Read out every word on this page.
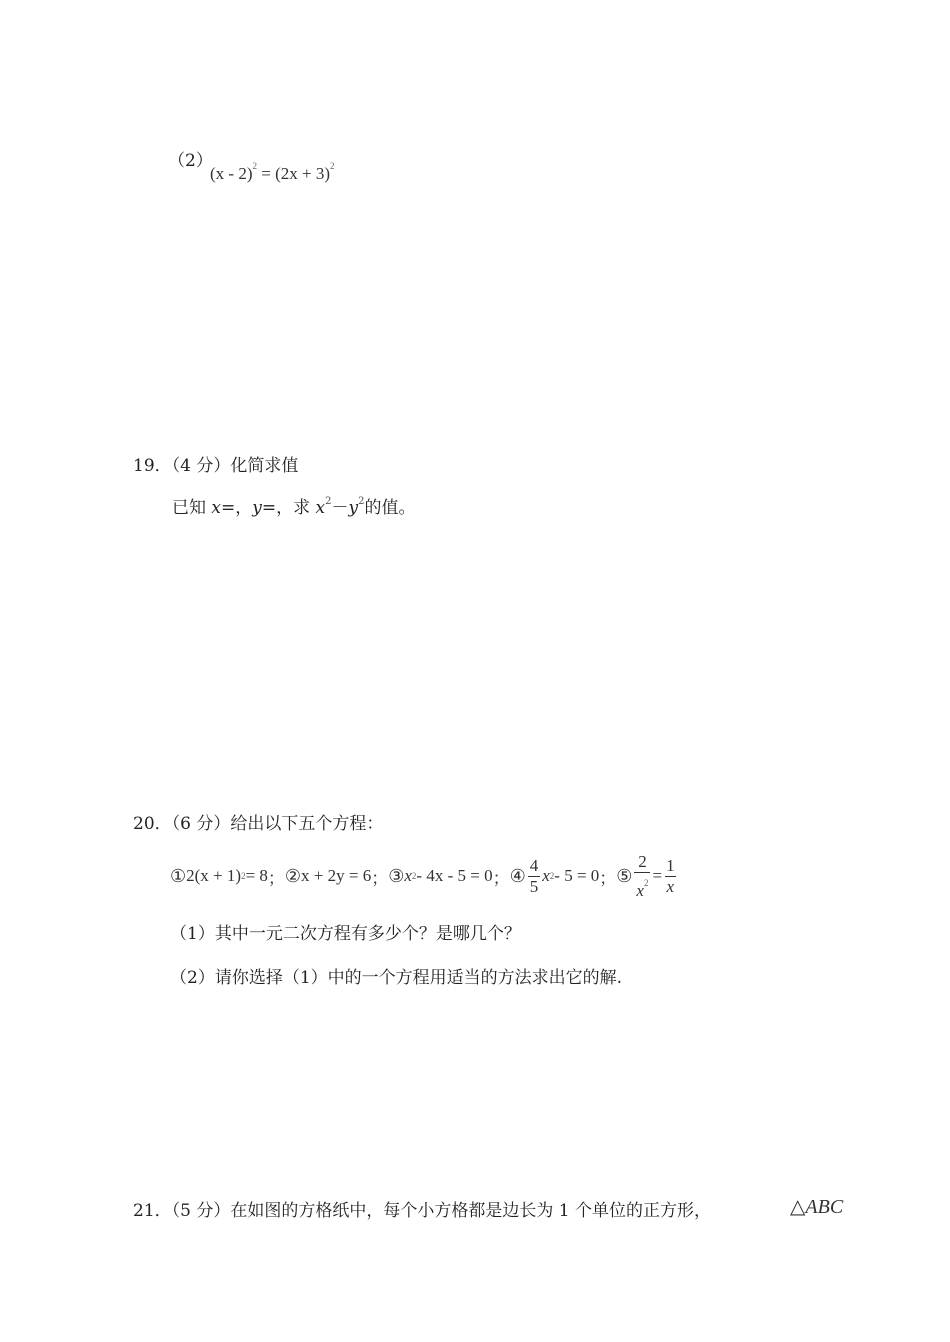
（2）
$(x - 2)^2 = (2x + 3)^2$
19．（4 分）化简求值
已知 x=，y=，求 $x^2-y^2$的值。
20．（6 分）给出以下五个方程：
① 2(x + 1) 2 = 8 ； ② x + 2y = 6 ； ③ x 2 - 4x - 5 = 0 ； ④ $\frac{4}{5}$ x 2 - 5 = 0 ； ⑤ $\frac{2}{x^2} = \frac{1}{x}$
（1）其中一元二次方程有多少个？是哪几个？
（2）请你选择（1）中的一个方程用适当的方法求出它的解.
21．（5 分）在如图的方格纸中，每个小方格都是边长为 1 个单位的正方形，	△ABC
